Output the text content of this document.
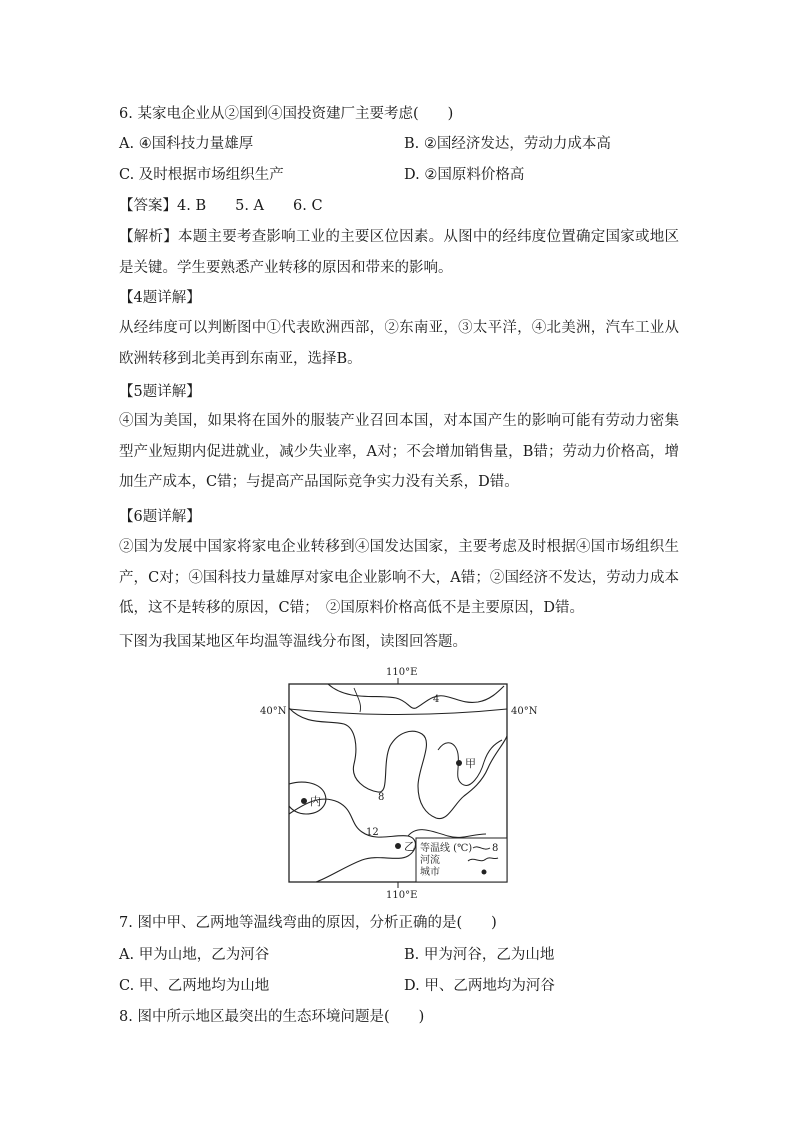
6. 某家电企业从②国到④国投资建厂主要考虑(　　)
A. ④国科技力量雄厚	B. ②国经济发达，劳动力成本高
C. 及时根据市场组织生产	D. ②国原料价格高
【答案】4. B　　5. A　　6. C
【解析】本题主要考查影响工业的主要区位因素。从图中的经纬度位置确定国家或地区是关键。学生要熟悉产业转移的原因和带来的影响。
【4题详解】
从经纬度可以判断图中①代表欧洲西部，②东南亚，③太平洋，④北美洲，汽车工业从欧洲转移到北美再到东南亚，选择B。
【5题详解】
④国为美国，如果将在国外的服装产业召回本国，对本国产生的影响可能有劳动力密集型产业短期内促进就业，减少失业率，A对；不会增加销售量，B错；劳动力价格高，增加生产成本，C错；与提高产品国际竞争实力没有关系，D错。
【6题详解】
②国为发展中国家将家电企业转移到④国发达国家，主要考虑及时根据④国市场组织生产，C对；④国科技力量雄厚对家电企业影响不大，A错；②国经济不发达，劳动力成本低，这不是转移的原因，C错；　②国原料价格高低不是主要原因，D错。
下图为我国某地区年均温等温线分布图，读图回答题。
等温线 (℃) 8
河流
城市
甲
内
乙
4
8
12
110°E
110°E
40°N	40°N
7. 图中甲、乙两地等温线弯曲的原因，分析正确的是(　　)
A. 甲为山地，乙为河谷	B. 甲为河谷，乙为山地
C. 甲、乙两地均为山地	D. 甲、乙两地均为河谷
8. 图中所示地区最突出的生态环境问题是(　　)
